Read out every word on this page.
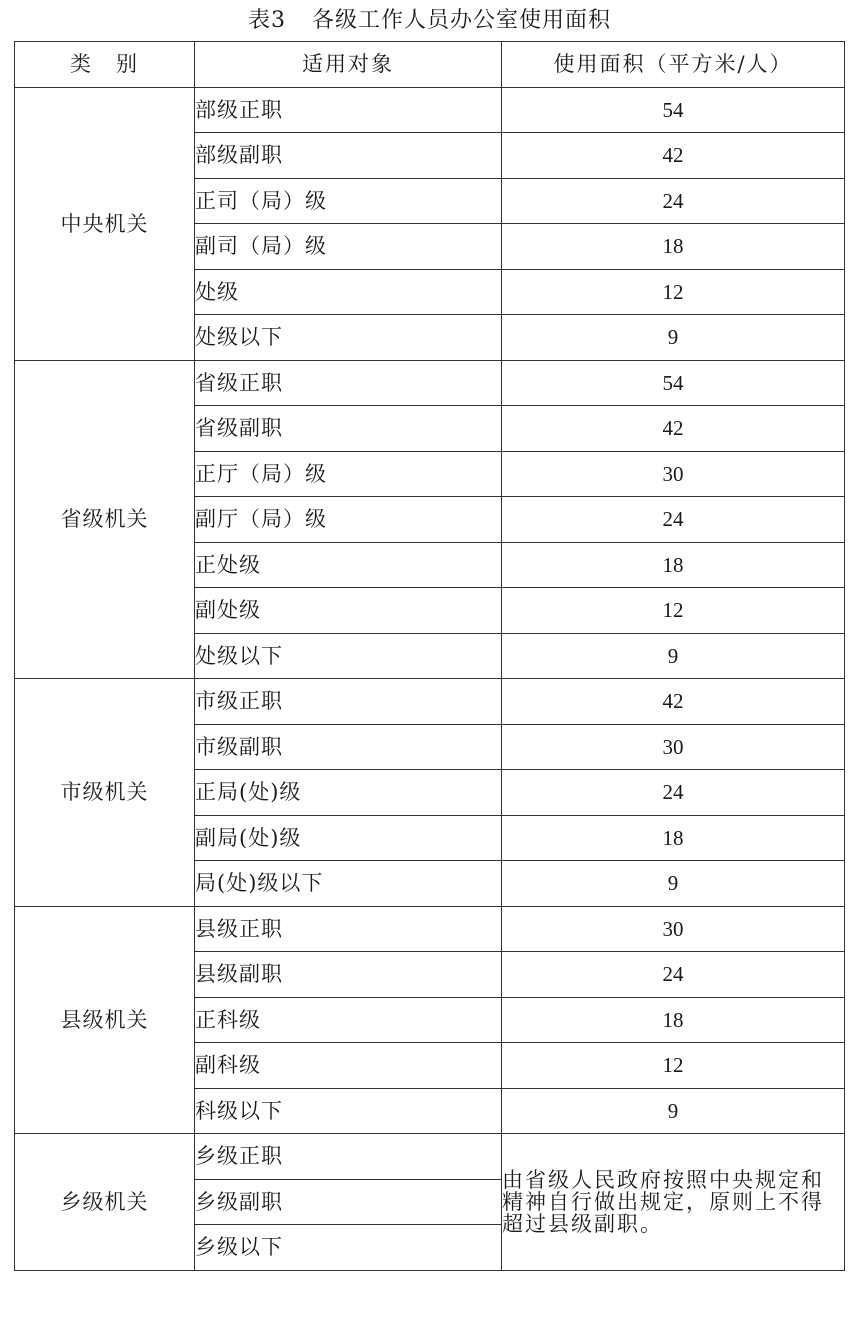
表3 各级工作人员办公室使用面积
类　别	适用对象	使用面积（平方米/人）
中央机关	部级正职	54
	部级副职	42
	正司（局）级	24
	副司（局）级	18
	处级	12
	处级以下	9
省级机关	省级正职	54
	省级副职	42
	正厅（局）级	30
	副厅（局）级	24
	正处级	18
	副处级	12
	处级以下	9
市级机关	市级正职	42
	市级副职	30
	正局(处)级	24
	副局(处)级	18
	局(处)级以下	9
县级机关	县级正职	30
	县级副职	24
	正科级	18
	副科级	12
	科级以下	9
乡级机关	乡级正职	由省级人民政府按照中央规定和精神自行做出规定，原则上不得超过县级副职。
	乡级副职	
	乡级以下	
